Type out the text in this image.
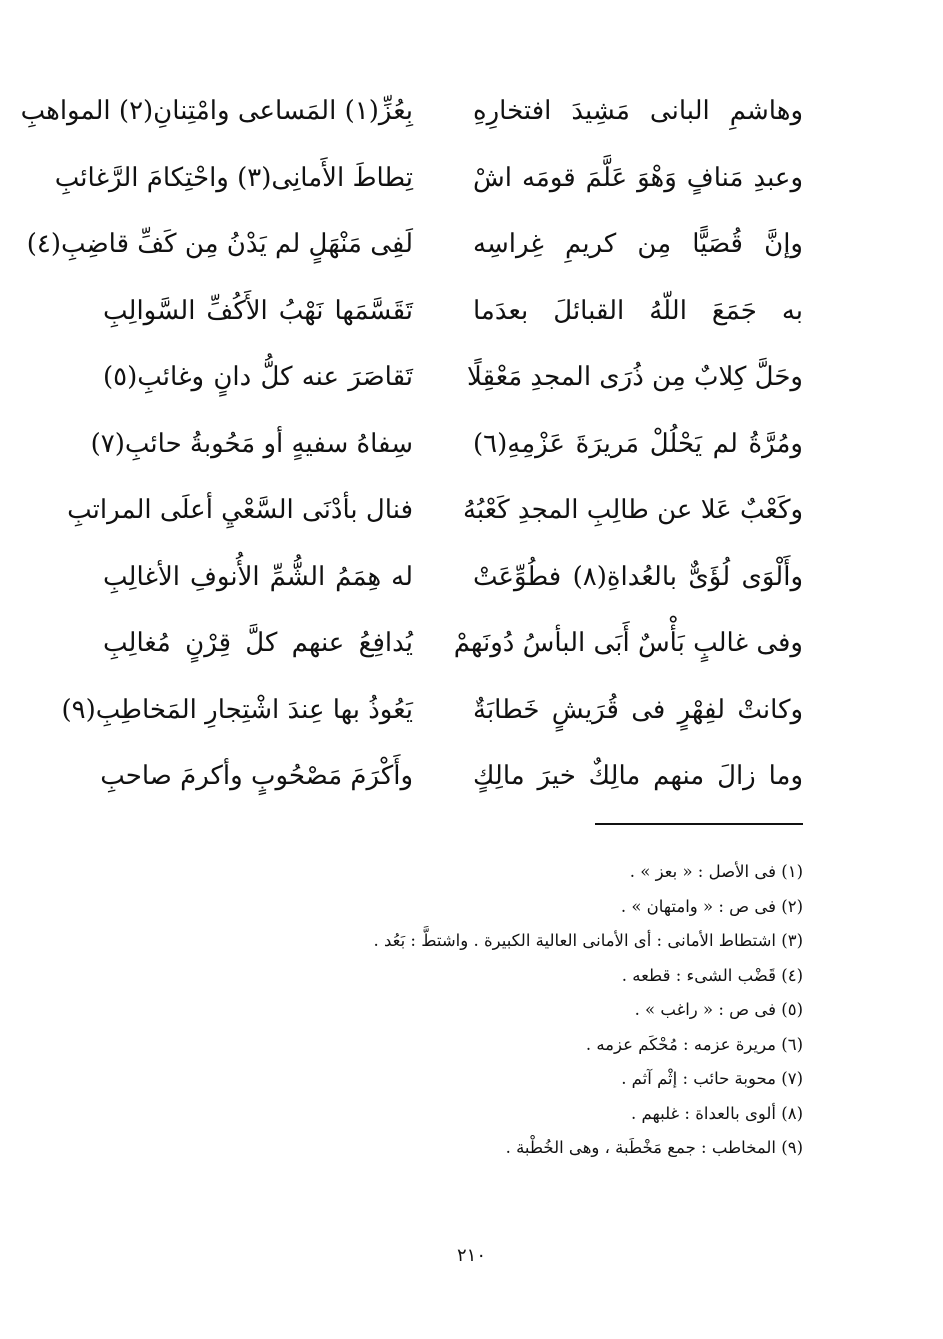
وهاشمِ البانى مَشِيدَ افتخارِهِ
بِعُزِّ(١) المَساعى وامْتِنانِ(٢) المواهبِ
وعبدِ مَنافٍ وَهْوَ عَلَّمَ قومَه اشْ
تِطاطَ الأَمانِى(٣) واحْتِكامَ الرَّغائبِ
وإنَّ قُصَيًّا مِن كريمِ غِراسِه
لَفِى مَنْهَلٍ لم يَدْنُ مِن كَفِّ قاضِبِ(٤)
به جَمَعَ اللّهُ القبائلَ بعدَما
تَقَسَّمَها نَهْبُ الأَكُفِّ السَّوالِبِ
وحَلَّ كِلابٌ مِن ذُرَى المجدِ مَعْقِلًا
تَقاصَرَ عنه كلُّ دانٍ وغائبِ(٥)
ومُرَّةُ لم يَحْلُلْ مَريرَةَ عَزْمِهِ(٦)
سِفاهُ سفيهٍ أو مَحُوبةُ حائبِ(٧)
وكَعْبٌ عَلا عن طالِبِ المجدِ كَعْبُهُ
فنال بأدْنَى السَّعْيِ أعلَى المراتبِ
وأَلْوَى لُؤَىٌّ بالعُداةِ(٨) فطُوِّعَتْ
له هِمَمُ الشُّمِّ الأُنوفِ الأغالِبِ
وفى غالبٍ بَأْسٌ أَبَى البأسُ دُونَهمْ
يُدافِعُ عنهم كلَّ قِرْنٍ مُغالِبِ
وكانتْ لفِهْرٍ فى قُرَيشٍ خَطابَةٌ
يَعُوذُ بها عِندَ اشْتِجارِ المَخاطِبِ(٩)
وما زالَ منهم مالِكٌ خيرَ مالِكٍ
وأَكْرَمَ مَصْحُوبٍ وأكرمَ صاحبِ
(١) فى الأصل : « بعز » .
(٢) فى ص : « وامتهان » .
(٣) اشتطاط الأمانى : أى الأمانى العالية الكبيرة . واشتطَّ : بَعُد .
(٤) قَضْب الشىء : قطعه .
(٥) فى ص : « راغب » .
(٦) مريرة عزمه : مُحْكَم عزمه .
(٧) محوبة حائب : إثْم آثم .
(٨) ألوى بالعداة : غلبهم .
(٩) المخاطب : جمع مَخْطَبة ، وهى الخُطْبة .
٢١٠
